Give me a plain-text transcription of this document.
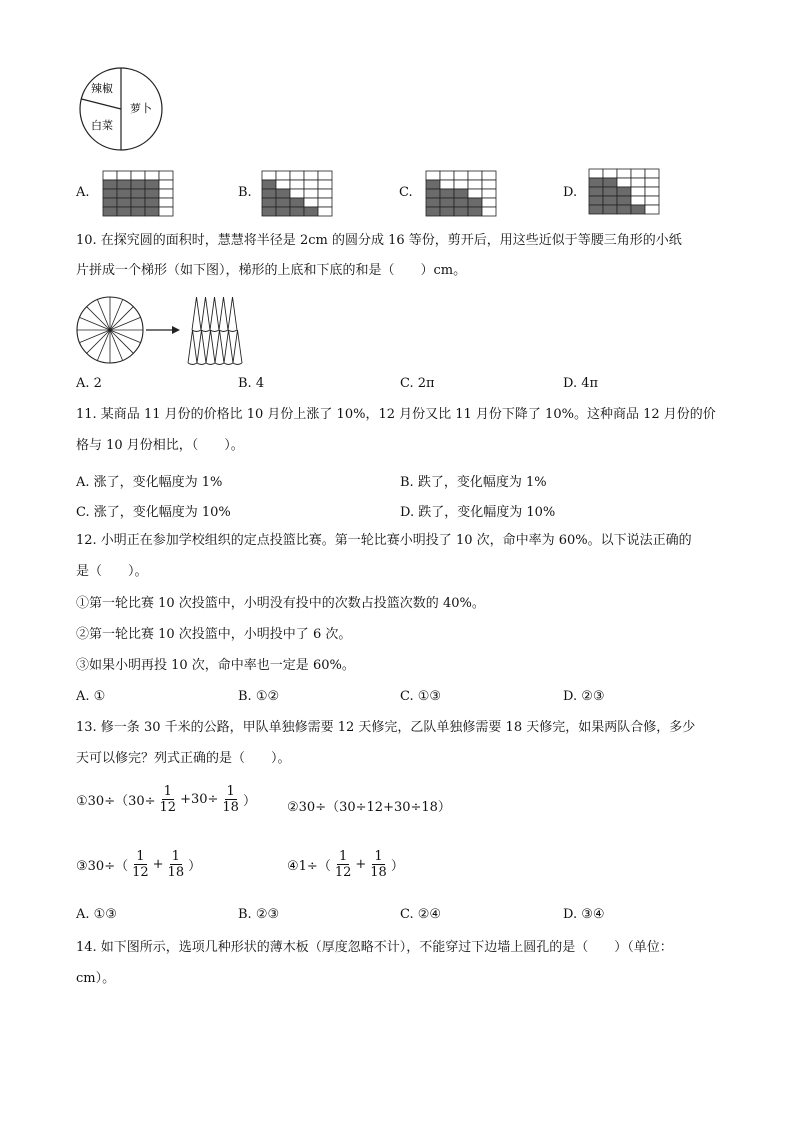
辣椒
萝卜
白菜
A.	B.	C.	D.
10. 在探究圆的面积时，慧慧将半径是 2cm 的圆分成 16 等份，剪开后，用这些近似于等腰三角形的小纸
片拼成一个梯形（如下图），梯形的上底和下底的和是（　　）cm。
A. 2	B. 4	C. 2π	D. 4π
11. 某商品 11 月份的价格比 10 月份上涨了 10%，12 月份又比 11 月份下降了 10%。这种商品 12 月份的价
格与 10 月份相比，（　　）。
A. 涨了，变化幅度为 1%	B. 跌了，变化幅度为 1%
C. 涨了，变化幅度为 10%	D. 跌了，变化幅度为 10%
12. 小明正在参加学校组织的定点投篮比赛。第一轮比赛小明投了 10 次，命中率为 60%。以下说法正确的
是（　　）。
①第一轮比赛 10 次投篮中，小明没有投中的次数占投篮次数的 40%。
②第一轮比赛 10 次投篮中，小明投中了 6 次。
③如果小明再投 10 次，命中率也一定是 60%。
A. ①	B. ①②	C. ①③	D. ②③
13. 修一条 30 千米的公路，甲队单独修需要 12 天修完，乙队单独修需要 18 天修完，如果两队合修，多少
天可以修完？列式正确的是（　　）。
①30÷（30÷ $\frac{1}{12} +30\div \frac{1}{18}$ ） ②30÷（30÷12+30÷18）
③30÷（ $\frac{1}{12} + \frac{1}{18}$ ）	④1÷（ $\frac{1}{12} + \frac{1}{18}$ ）
A. ①③	B. ②③	C. ②④	D. ③④
14. 如下图所示，选项几种形状的薄木板（厚度忽略不计），不能穿过下边墙上圆孔的是（　　）（单位：
cm）。
